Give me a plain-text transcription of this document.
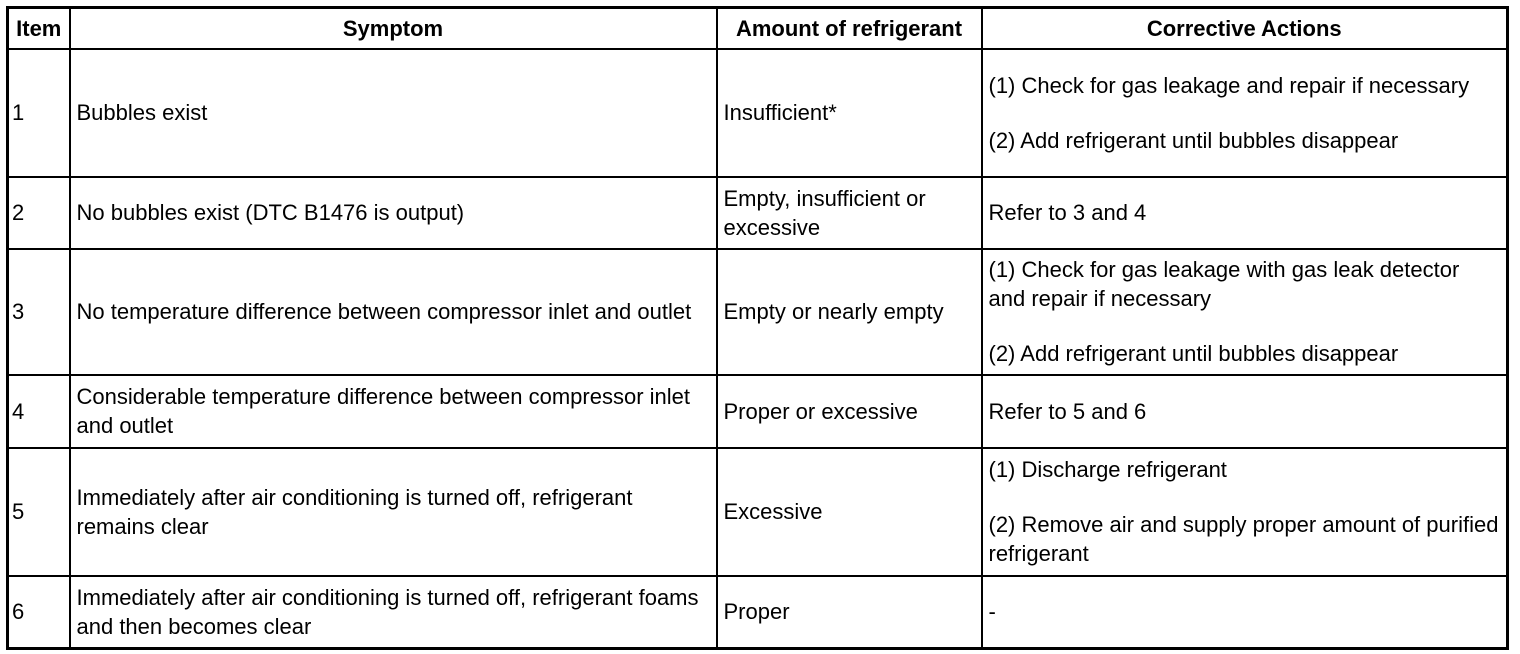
Item	Symptom	Amount of refrigerant	Corrective Actions
1	Bubbles exist	Insufficient*	(1) Check for gas leakage and repair if necessary
(2) Add refrigerant until bubbles disappear

2	No bubbles exist (DTC B1476 is output)	Empty, insufficient or excessive	Refer to 3 and 4

3	No temperature difference between compressor inlet and outlet	Empty or nearly empty	(1) Check for gas leakage with gas leak detector and repair if necessary
(2) Add refrigerant until bubbles disappear

4	Considerable temperature difference between compressor inlet and outlet	Proper or excessive	Refer to 5 and 6

5	Immediately after air conditioning is turned off, refrigerant remains clear	Excessive	(1) Discharge refrigerant
(2) Remove air and supply proper amount of purified refrigerant

6	Immediately after air conditioning is turned off, refrigerant foams and then becomes clear	Proper	-
